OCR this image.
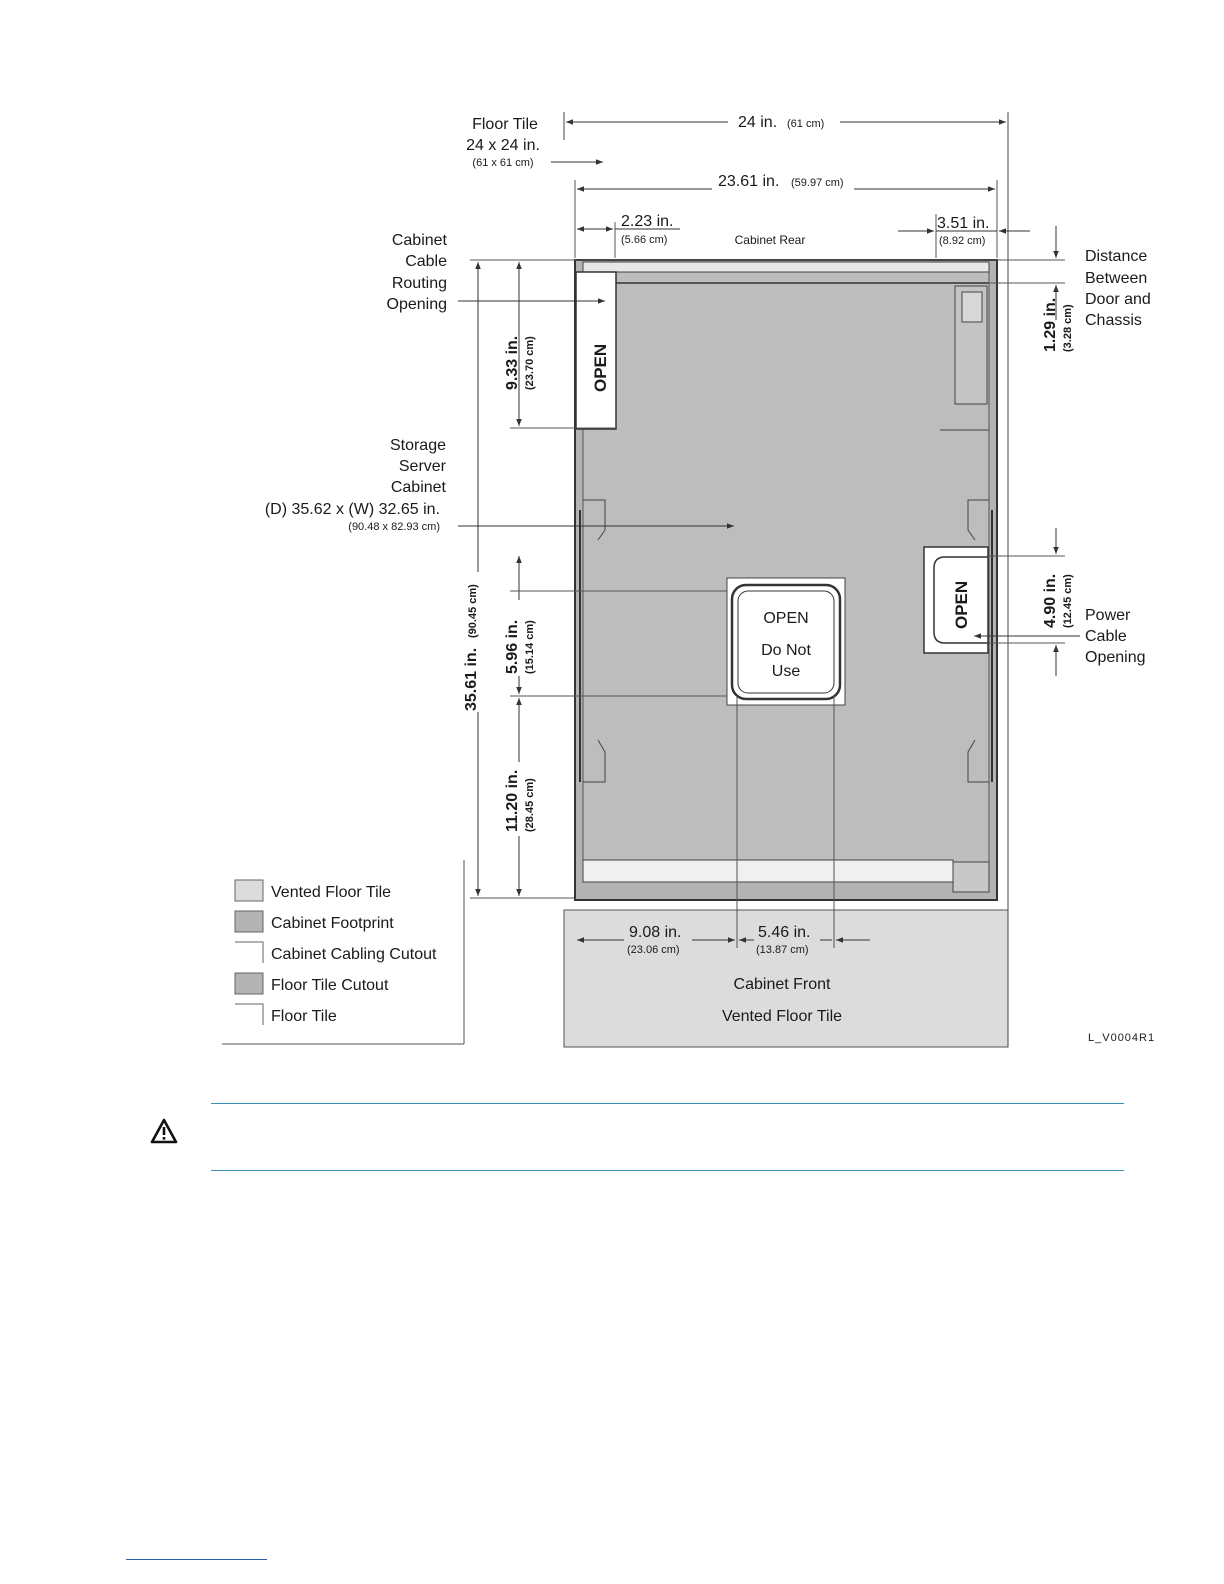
OPEN
OPEN
OPEN
Do Not
Use
24 in. (61 cm)
Floor Tile
24 x 24 in.
(61 x 61 cm)
23.61 in. (59.97 cm)
2.23 in.
(5.66 cm)	Cabinet Rear
3.51 in.
(8.92 cm)
Cabinet
Cable
Routing
Opening
35.61 in.
(90.45 cm)
9.33 in. (23.70 cm)
5.96 in. (15.14 cm)
11.20 in. (28.45 cm)
Storage
Server
Cabinet
(D) 35.62 x (W) 32.65 in.
(90.48 x 82.93 cm)
1.29 in. (3.28 cm)
Distance
Between
Door and
Chassis
4.90 in. (12.45 cm) Power
Cable
Opening
9.08 in.
(23.06 cm)
5.46 in.
(13.87 cm)
Cabinet Front
Vented Floor Tile
L_V0004R1
Vented Floor Tile
Cabinet Footprint
Cabinet Cabling Cutout
Floor Tile Cutout
Floor Tile
